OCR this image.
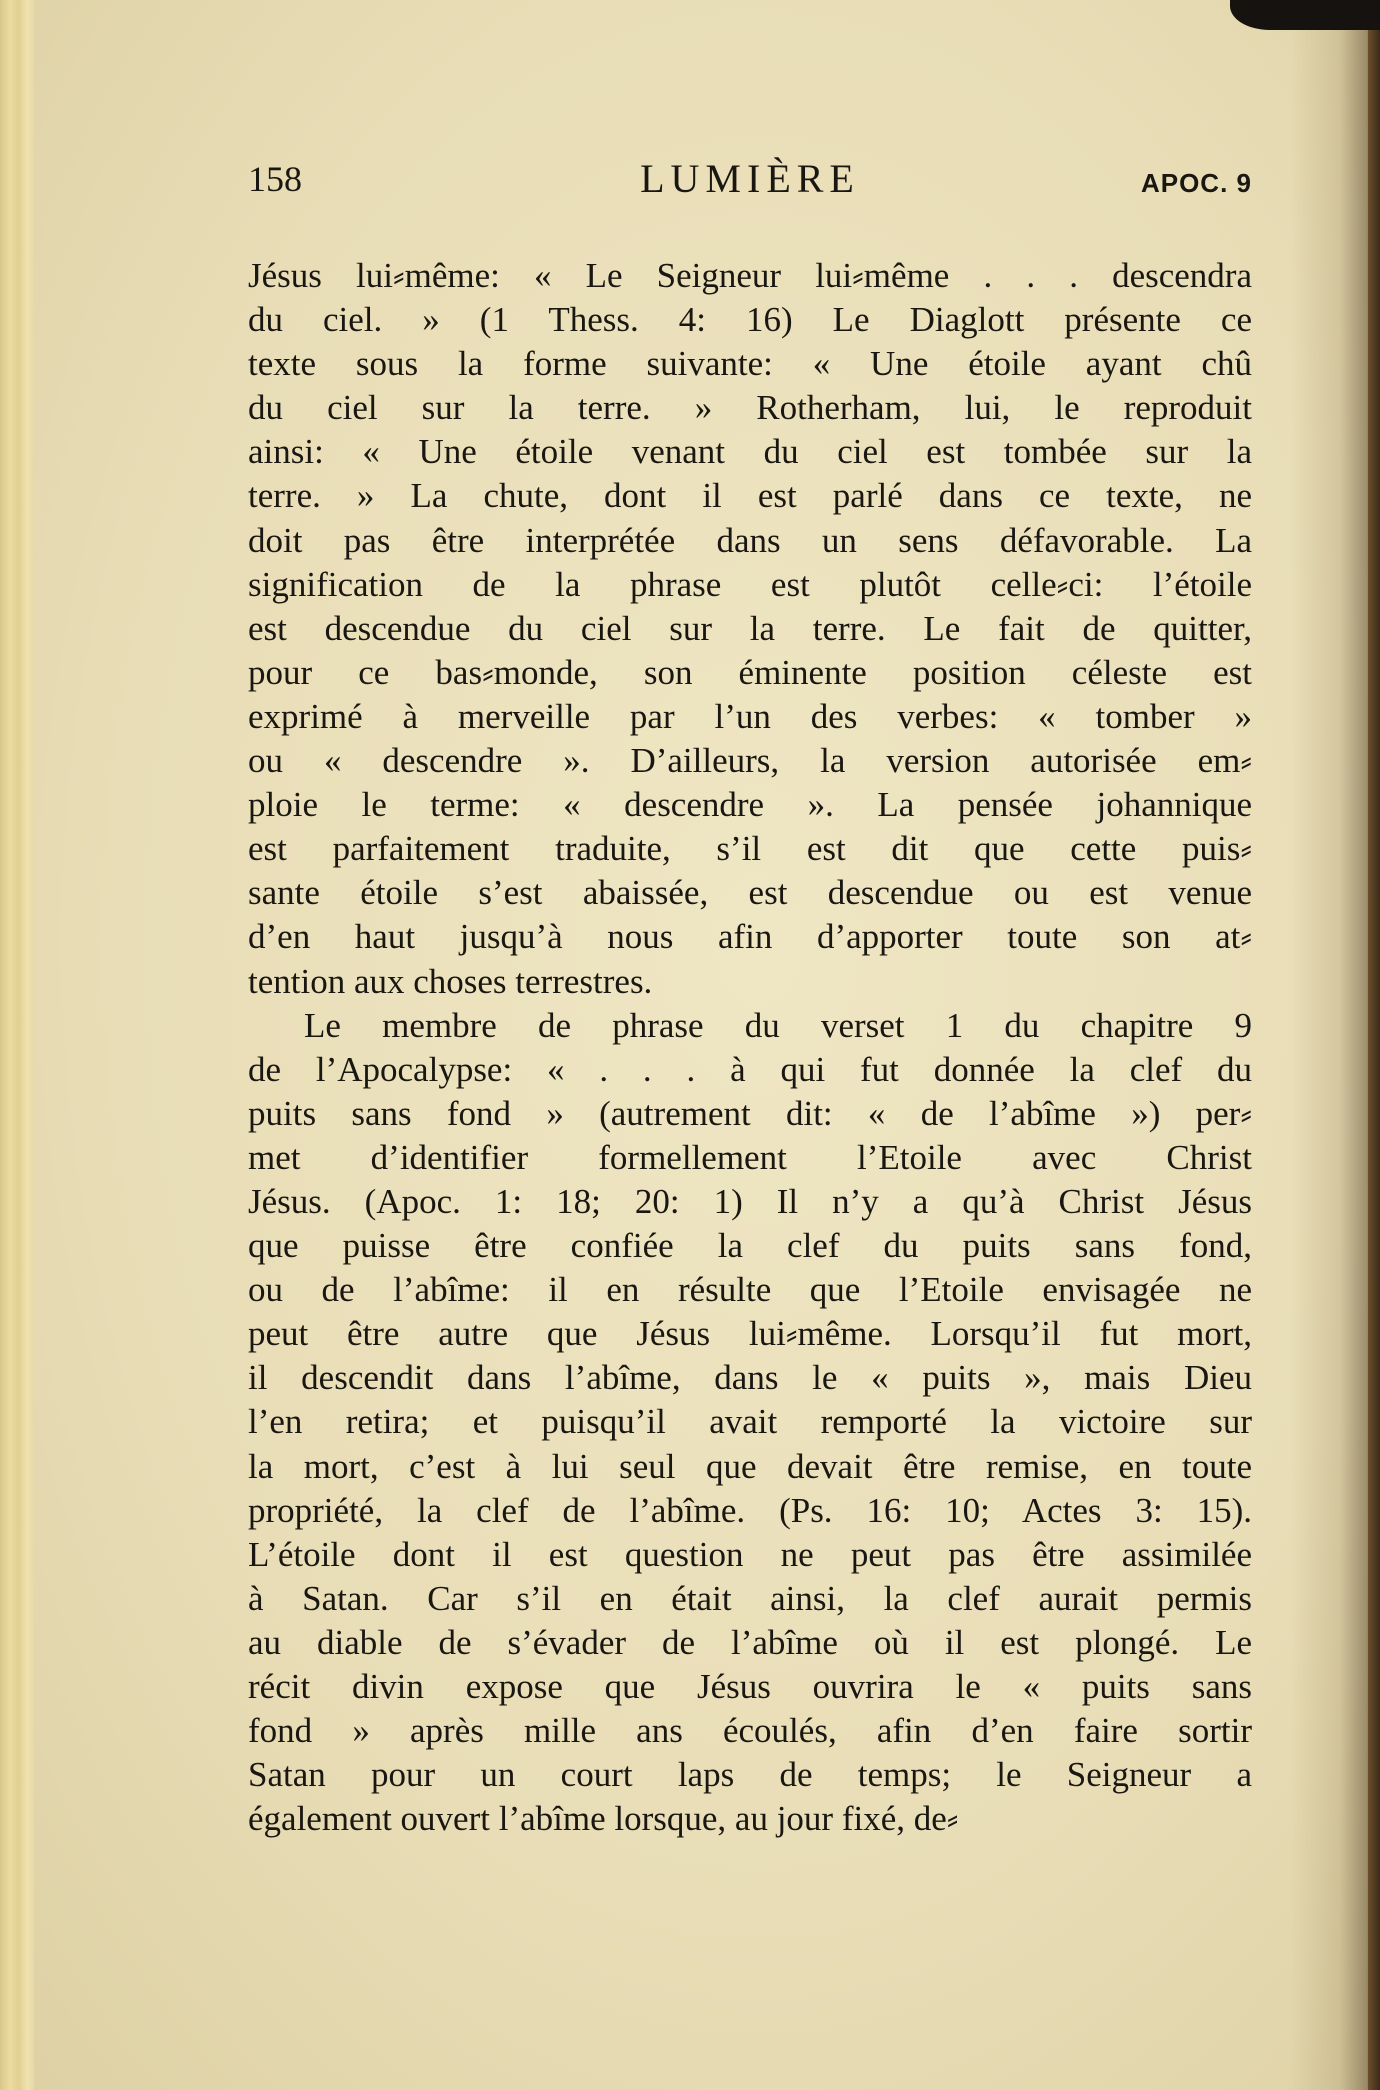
158	LUMIÈRE	APOC. 9
Jésus lui⸗même: « Le Seigneur lui⸗même . . . descendra
du ciel. » (1 Thess. 4: 16) Le Diaglott présente ce
texte sous la forme suivante: « Une étoile ayant chû
du ciel sur la terre. » Rotherham, lui, le reproduit
ainsi: « Une étoile venant du ciel est tombée sur la
terre. » La chute, dont il est parlé dans ce texte, ne
doit pas être interprétée dans un sens défavorable. La
signification de la phrase est plutôt celle⸗ci: l’étoile
est descendue du ciel sur la terre. Le fait de quitter,
pour ce bas⸗monde, son éminente position céleste est
exprimé à merveille par l’un des verbes: « tomber »
ou « descendre ». D’ailleurs, la version autorisée em⸗
ploie le terme: « descendre ». La pensée johannique
est parfaitement traduite, s’il est dit que cette puis⸗
sante étoile s’est abaissée, est descendue ou est venue
d’en haut jusqu’à nous afin d’apporter toute son at⸗
tention aux choses terrestres.
Le membre de phrase du verset 1 du chapitre 9
de l’Apocalypse: « . . . à qui fut donnée la clef du
puits sans fond » (autrement dit: « de l’abîme ») per⸗
met d’identifier formellement l’Etoile avec Christ
Jésus. (Apoc. 1: 18; 20: 1) Il n’y a qu’à Christ Jésus
que puisse être confiée la clef du puits sans fond,
ou de l’abîme: il en résulte que l’Etoile envisagée ne
peut être autre que Jésus lui⸗même. Lorsqu’il fut mort,
il descendit dans l’abîme, dans le « puits », mais Dieu
l’en retira; et puisqu’il avait remporté la victoire sur
la mort, c’est à lui seul que devait être remise, en toute
propriété, la clef de l’abîme. (Ps. 16: 10; Actes 3: 15).
L’étoile dont il est question ne peut pas être assimilée
à Satan. Car s’il en était ainsi, la clef aurait permis
au diable de s’évader de l’abîme où il est plongé. Le
récit divin expose que Jésus ouvrira le « puits sans
fond » après mille ans écoulés, afin d’en faire sortir
Satan pour un court laps de temps; le Seigneur a
également ouvert l’abîme lorsque, au jour fixé, de⸗
